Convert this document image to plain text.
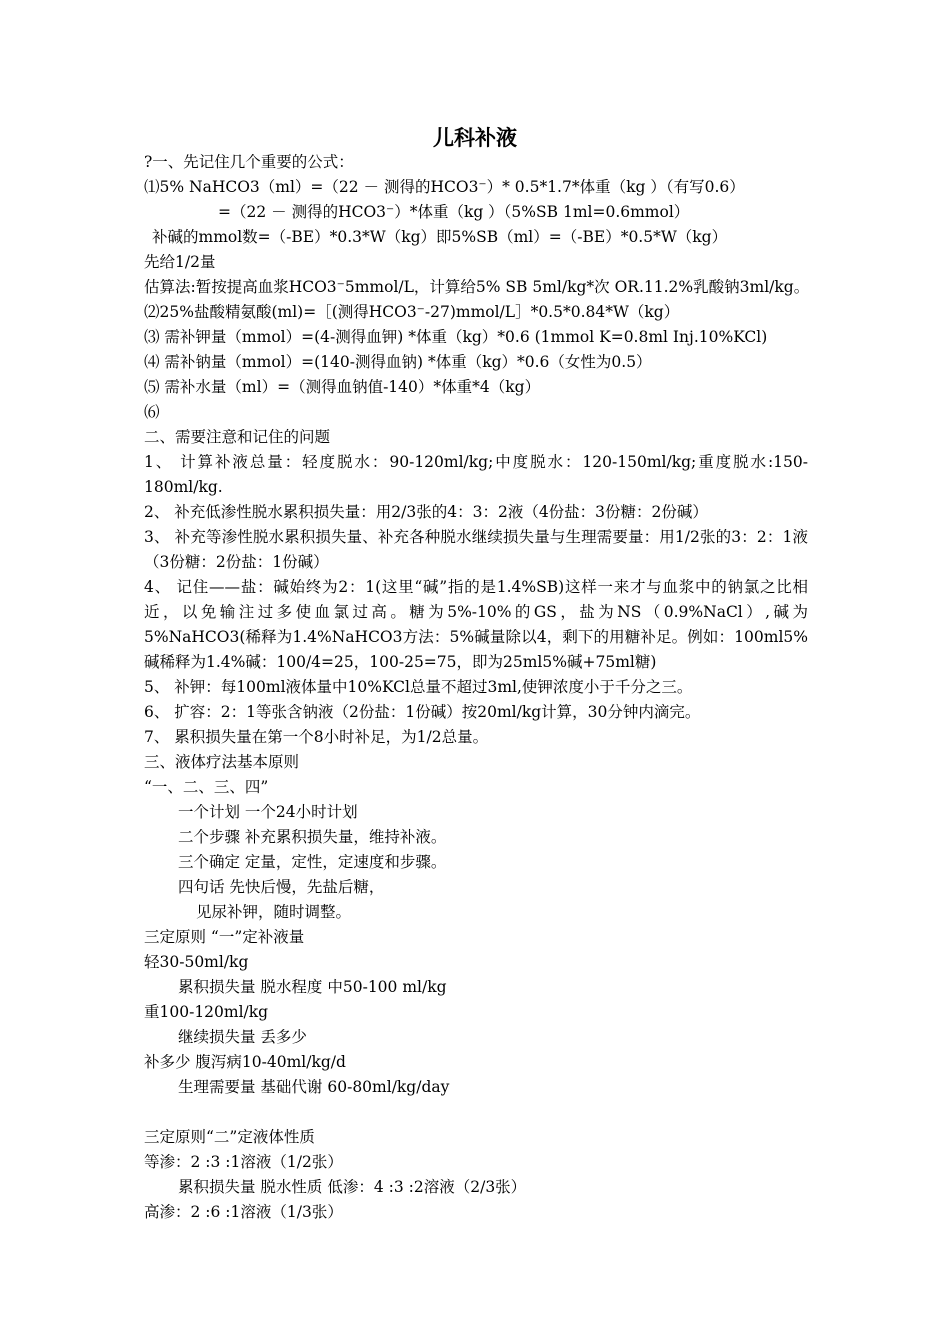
儿科补液
?一、先记住几个重要的公式：
⑴5% NaHCO3（ml）=（22 － 测得的HCO3⁻）* 0.5*1.7*体重（kg ）（有写0.6）
=（22 － 测得的HCO3⁻）*体重（kg ）（5%SB 1ml=0.6mmol）
补碱的mmol数=（-BE）*0.3*W（kg）即5%SB（ml）=（-BE）*0.5*W（kg）
先给1/2量
估算法:暂按提高血浆HCO3⁻5mmol/L，计算给5% SB 5ml/kg*次 OR.11.2%乳酸钠3ml/kg。
⑵25%盐酸精氨酸(ml)=［(测得HCO3⁻-27)mmol/L］*0.5*0.84*W（kg）
⑶ 需补钾量（mmol）=(4-测得血钾) *体重（kg）*0.6 (1mmol K=0.8ml Inj.10%KCl)
⑷ 需补钠量（mmol）=(140-测得血钠) *体重（kg）*0.6（女性为0.5）
⑸ 需补水量（ml）=（测得血钠值-140）*体重*4（kg）
⑹
二、需要注意和记住的问题
1、 计算补液总量：轻度脱水：90-120ml/kg;中度脱水：120-150ml/kg;重度脱水:150-180ml/kg.
2、 补充低渗性脱水累积损失量：用2/3张的4：3：2液（4份盐：3份糖：2份碱）
3、 补充等渗性脱水累积损失量、补充各种脱水继续损失量与生理需要量：用1/2张的3：2：1液（3份糖：2份盐：1份碱）
4、 记住——盐：碱始终为2：1(这里“碱”指的是1.4%SB)这样一来才与血浆中的钠氯之比相近，以免输注过多使血氯过高。糖为5%-10%的GS，盐为NS（0.9%NaCl）,碱为5%NaHCO3(稀释为1.4%NaHCO3方法：5%碱量除以4，剩下的用糖补足。例如：100ml5%碱稀释为1.4%碱：100/4=25，100-25=75，即为25ml5%碱+75ml糖)
5、 补钾：每100ml液体量中10%KCl总量不超过3ml,使钾浓度小于千分之三。
6、 扩容：2：1等张含钠液（2份盐：1份碱）按20ml/kg计算，30分钟内滴完。
7、 累积损失量在第一个8小时补足，为1/2总量。
三、液体疗法基本原则
“一、二、三、四”
一个计划 一个24小时计划
二个步骤 补充累积损失量，维持补液。
三个确定 定量，定性，定速度和步骤。
四句话 先快后慢，先盐后糖，
见尿补钾，随时调整。
三定原则 “一”定补液量
轻30-50ml/kg
累积损失量 脱水程度 中50-100 ml/kg
重100-120ml/kg
继续损失量 丢多少
补多少 腹泻病10-40ml/kg/d
生理需要量 基础代谢 60-80ml/kg/day
三定原则“二”定液体性质
等渗：2 :3 :1溶液（1/2张）
累积损失量 脱水性质 低渗：4 :3 :2溶液（2/3张）
高渗：2 :6 :1溶液（1/3张）
